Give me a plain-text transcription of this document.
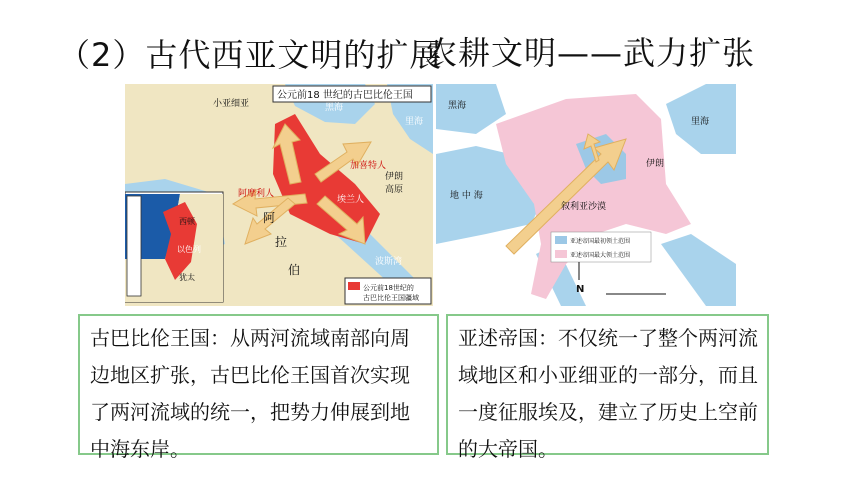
（2）古代西亚文明的扩展
农耕文明——武力扩张
公元前18 世纪的古巴比伦王国
小亚细亚	黑海
里海
加喜特人
阿摩利人
伊朗
高原
埃兰人
阿
拉
伯
波斯湾
西顿
以色列
犹太
公元前18世纪的
古巴比伦王国疆域
地 中 海
伊朗
叙利亚沙漠
里海
黑海
亚述帝国最初领土范围
亚述帝国最大领土范围
N
古巴比伦王国：从两河流域南部向周边地区扩张，古巴比伦王国首次实现了两河流域的统一，把势力伸展到地中海东岸。
亚述帝国：不仅统一了整个两河流域地区和小亚细亚的一部分，而且一度征服埃及，建立了历史上空前的大帝国。
